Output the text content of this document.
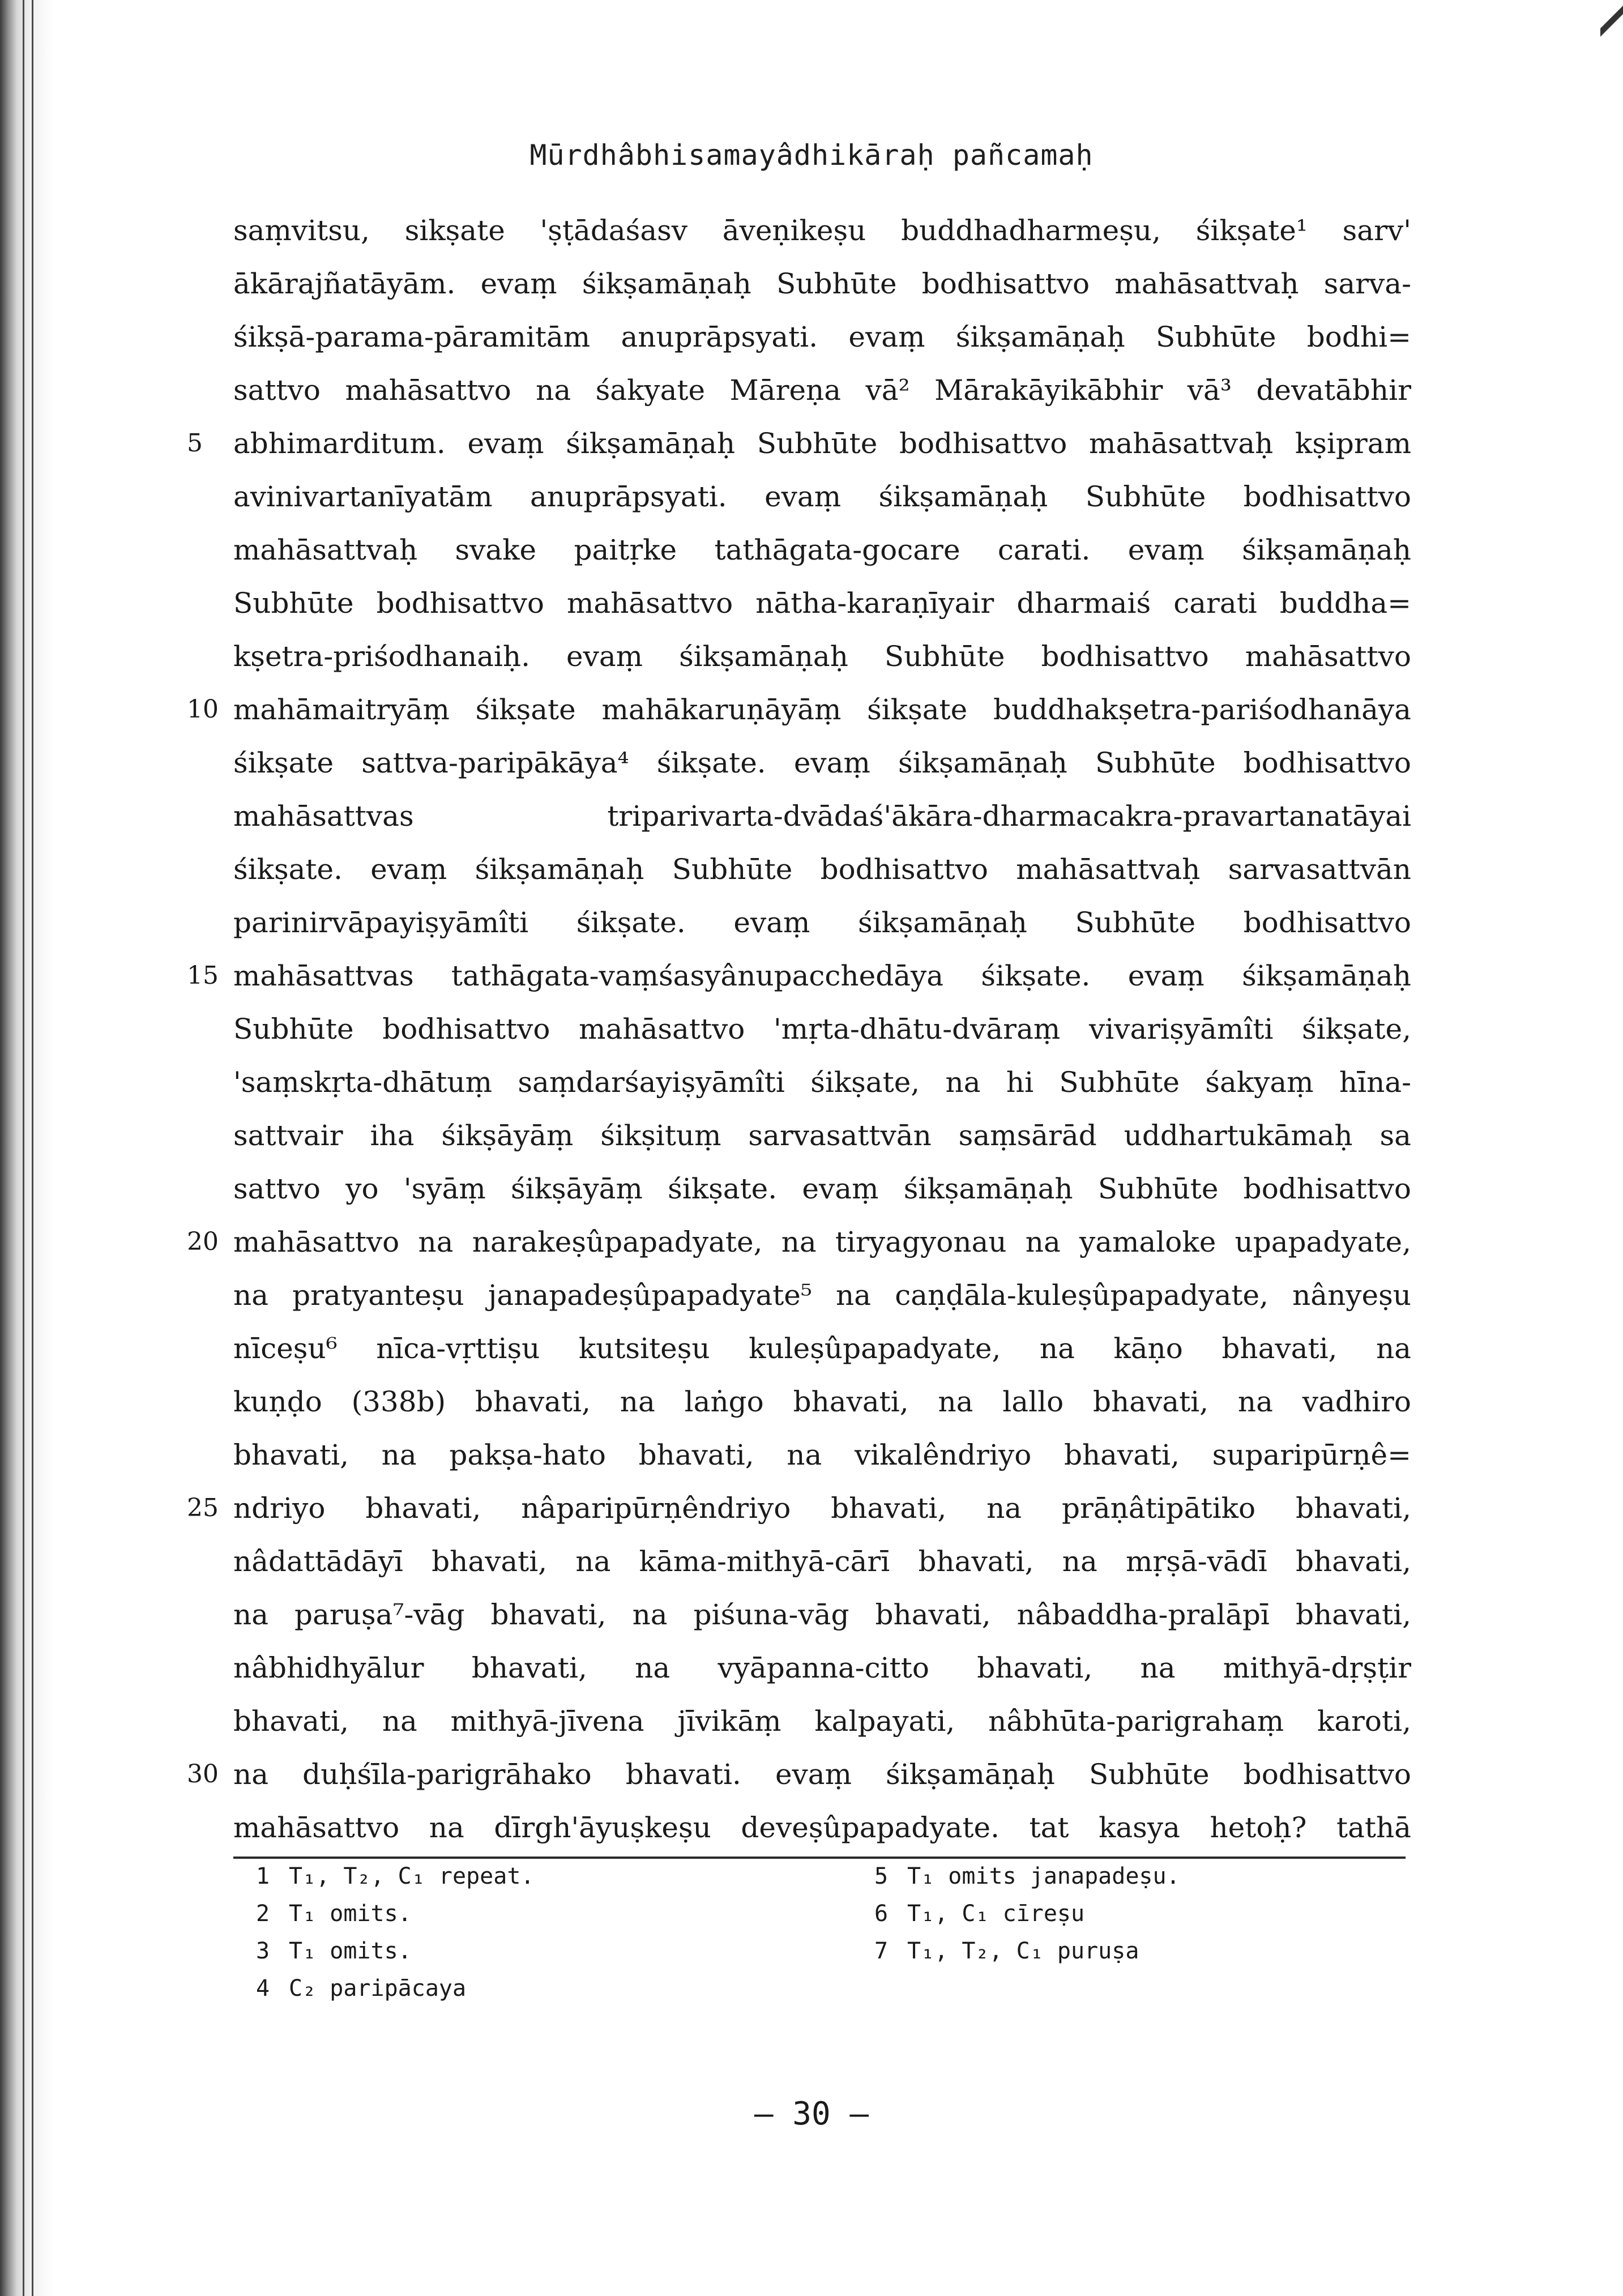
Mūrdhâbhisamayâdhikāraḥ pañcamaḥ
saṃvitsu, sikṣate 'ṣṭādaśasv āveṇikeṣu buddhadharmeṣu, śikṣate¹ sarv'
ākārajñatāyām. evaṃ śikṣamāṇaḥ Subhūte bodhisattvo mahāsattvaḥ sarva-
śikṣā-parama-pāramitām anuprāpsyati. evaṃ śikṣamāṇaḥ Subhūte bodhi=
sattvo mahāsattvo na śakyate Māreṇa vā² Mārakāyikābhir vā³ devatābhir
5	abhimarditum. evaṃ śikṣamāṇaḥ Subhūte bodhisattvo mahāsattvaḥ kṣipram
avinivartanīyatām anuprāpsyati. evaṃ śikṣamāṇaḥ Subhūte bodhisattvo
mahāsattvaḥ svake paitṛke tathāgata-gocare carati. evaṃ śikṣamāṇaḥ
Subhūte bodhisattvo mahāsattvo nātha-karaṇīyair dharmaiś carati buddha=
kṣetra-priśodhanaiḥ. evaṃ śikṣamāṇaḥ Subhūte bodhisattvo mahāsattvo
10 mahāmaitryāṃ śikṣate mahākaruṇāyāṃ śikṣate buddhakṣetra-pariśodhanāya
śikṣate sattva-paripākāya⁴ śikṣate. evaṃ śikṣamāṇaḥ Subhūte bodhisattvo
mahāsattvas triparivarta-dvādaś'ākāra-dharmacakra-pravartanatāyai
śikṣate. evaṃ śikṣamāṇaḥ Subhūte bodhisattvo mahāsattvaḥ sarvasattvān
parinirvāpayiṣyāmîti śikṣate. evaṃ śikṣamāṇaḥ Subhūte bodhisattvo
15 mahāsattvas tathāgata-vaṃśasyânupacchedāya śikṣate. evaṃ śikṣamāṇaḥ
Subhūte bodhisattvo mahāsattvo 'mṛta-dhātu-dvāraṃ vivariṣyāmîti śikṣate,
'saṃskṛta-dhātuṃ saṃdarśayiṣyāmîti śikṣate, na hi Subhūte śakyaṃ hīna-
sattvair iha śikṣāyāṃ śikṣituṃ sarvasattvān saṃsārād uddhartukāmaḥ sa
sattvo yo 'syāṃ śikṣāyāṃ śikṣate. evaṃ śikṣamāṇaḥ Subhūte bodhisattvo
20 mahāsattvo na narakeṣûpapadyate, na tiryagyonau na yamaloke upapadyate,
na pratyanteṣu janapadeṣûpapadyate⁵ na caṇḍāla-kuleṣûpapadyate, nânyeṣu
nīceṣu⁶ nīca-vṛttiṣu kutsiteṣu kuleṣûpapadyate, na kāṇo bhavati, na
kuṇḍo (338b) bhavati, na laṅgo bhavati, na lallo bhavati, na vadhiro
bhavati, na pakṣa-hato bhavati, na vikalêndriyo bhavati, suparipūrṇê=
25 ndriyo bhavati, nâparipūrṇêndriyo bhavati, na prāṇâtipātiko bhavati,
nâdattādāyī bhavati, na kāma-mithyā-cārī bhavati, na mṛṣā-vādī bhavati,
na paruṣa⁷-vāg bhavati, na piśuna-vāg bhavati, nâbaddha-pralāpī bhavati,
nâbhidhyālur bhavati, na vyāpanna-citto bhavati, na mithyā-dṛṣṭir
bhavati, na mithyā-jīvena jīvikāṃ kalpayati, nâbhūta-parigrahaṃ karoti,
30 na duḥśīla-parigrāhako bhavati. evaṃ śikṣamāṇaḥ Subhūte bodhisattvo
mahāsattvo na dīrgh'āyuṣkeṣu deveṣûpapadyate. tat kasya hetoḥ? tathā
1 T₁, T₂, C₁ repeat.
2 T₁ omits.
3 T₁ omits.
4 C₂ paripācaya
5 T₁ omits janapadeṣu.
6 T₁, C₁ cīreṣu
7 T₁, T₂, C₁ puruṣa
— 30 —
